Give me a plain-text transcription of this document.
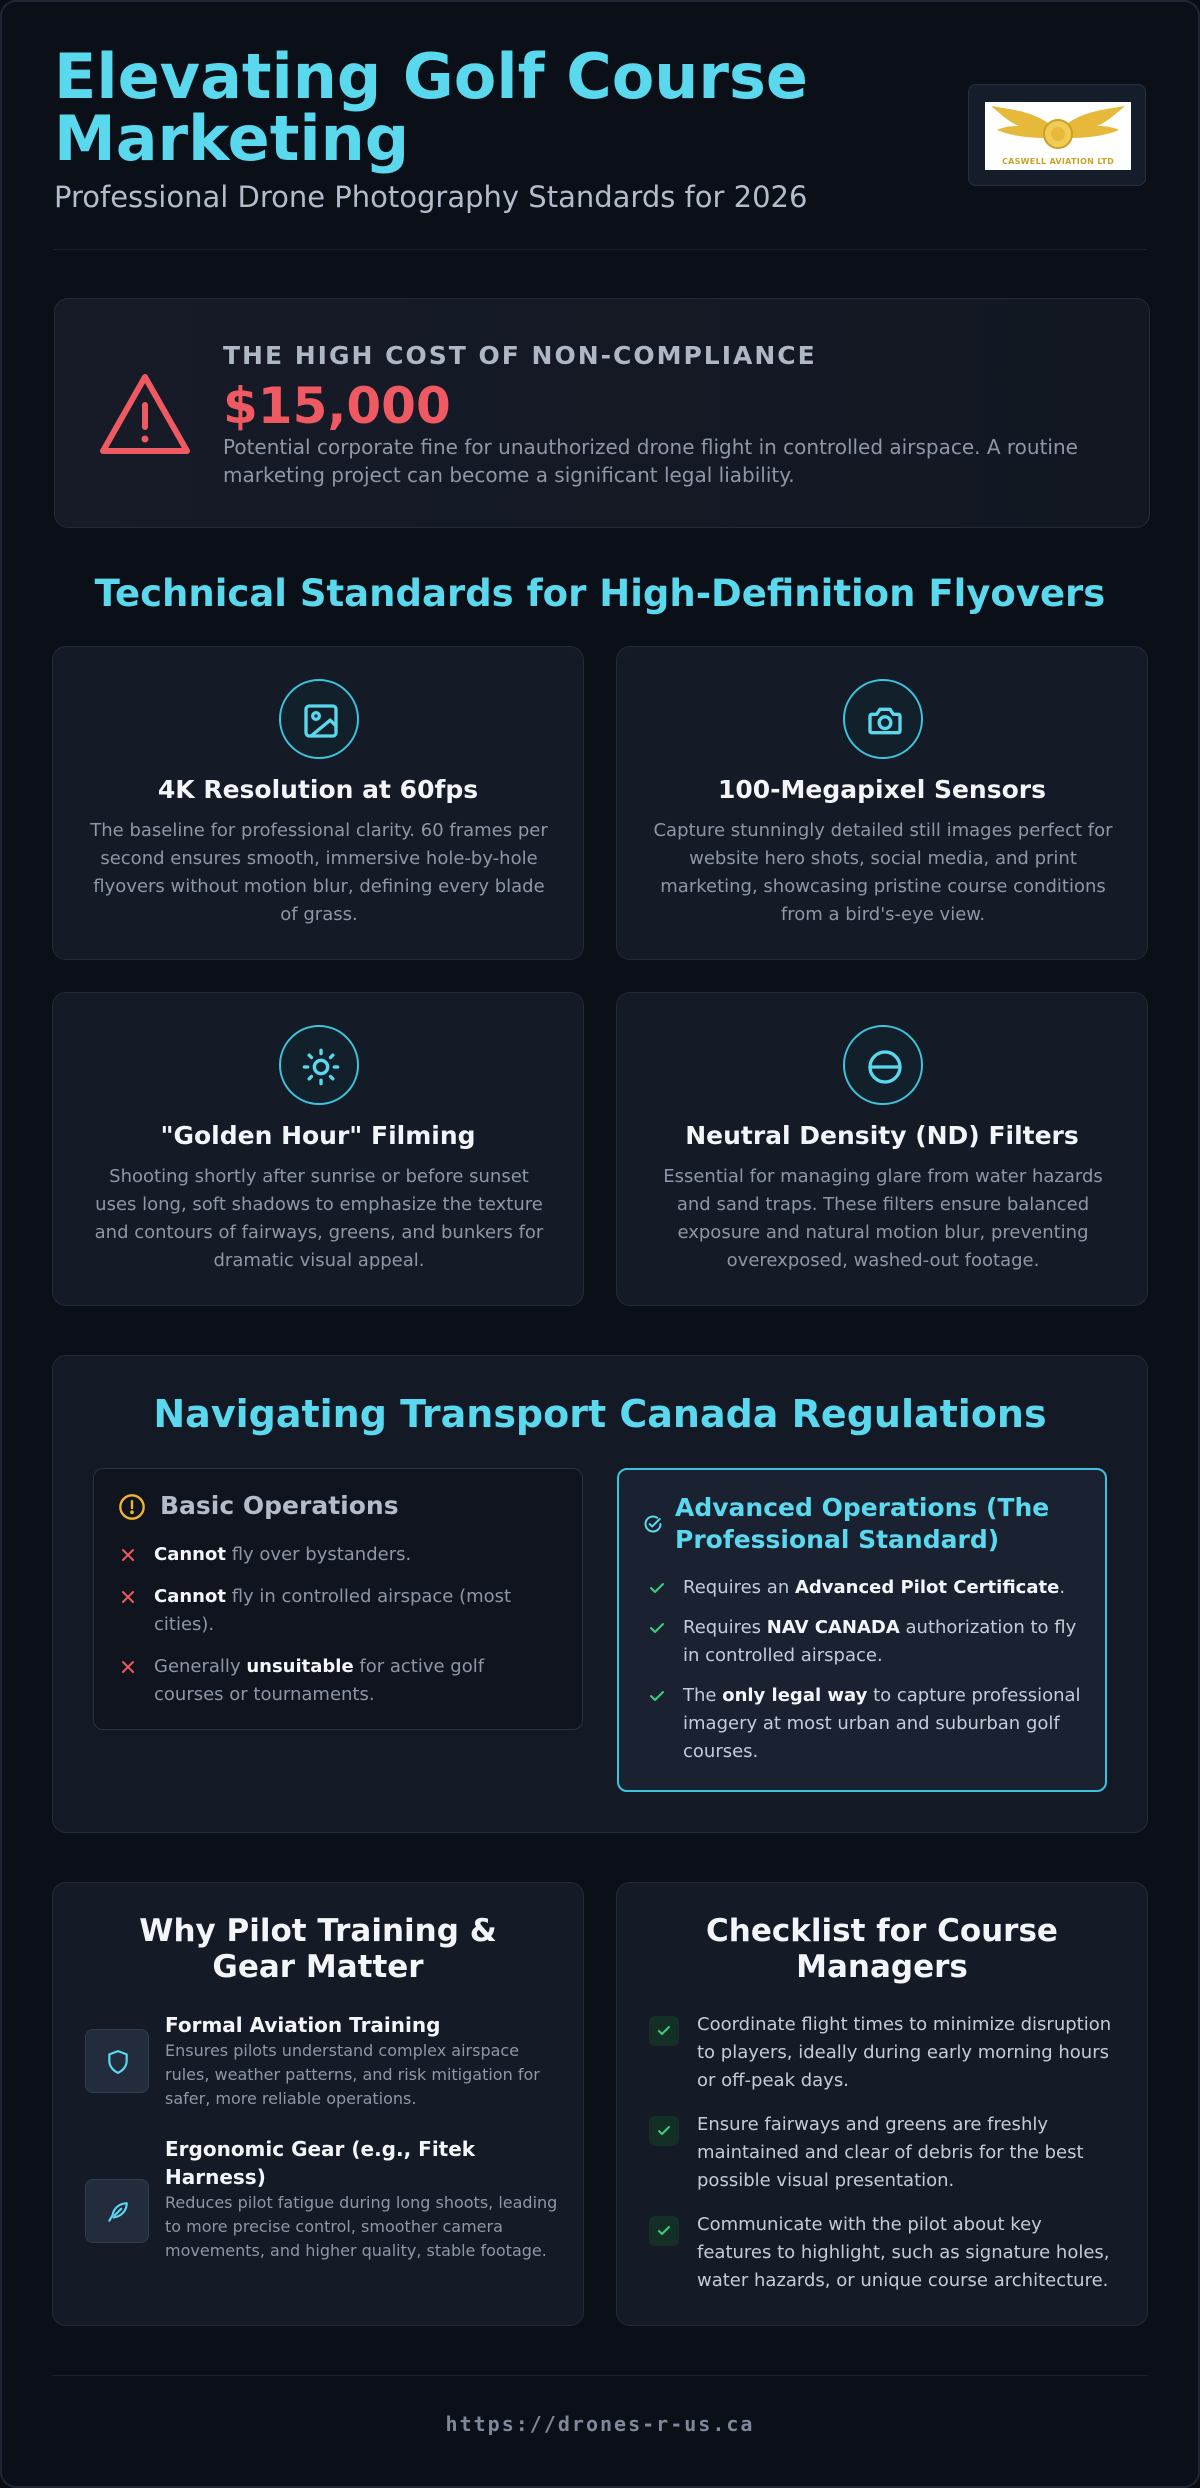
Elevating Golf Course Marketing
Professional Drone Photography Standards for 2026
CASWELL AVIATION LTD
THE HIGH COST OF NON-COMPLIANCE
$15,000
Potential corporate fine for unauthorized drone flight in controlled airspace. A routine marketing project can become a significant legal liability.
Technical Standards for High-Definition Flyovers
4K Resolution at 60fps
The baseline for professional clarity. 60 frames per second ensures smooth, immersive hole-by-hole flyovers without motion blur, defining every blade of grass.
100-Megapixel Sensors
Capture stunningly detailed still images perfect for website hero shots, social media, and print marketing, showcasing pristine course conditions from a bird's-eye view.
"Golden Hour" Filming
Shooting shortly after sunrise or before sunset uses long, soft shadows to emphasize the texture and contours of fairways, greens, and bunkers for dramatic visual appeal.
Neutral Density (ND) Filters
Essential for managing glare from water hazards and sand traps. These filters ensure balanced exposure and natural motion blur, preventing overexposed, washed-out footage.
Navigating Transport Canada Regulations
Basic Operations
Cannot fly over bystanders.
Cannot fly in controlled airspace (most cities).
Generally unsuitable for active golf courses or tournaments.
Advanced Operations (The Professional Standard)
Requires an Advanced Pilot Certificate.
Requires NAV CANADA authorization to fly in controlled airspace.
The only legal way to capture professional imagery at most urban and suburban golf courses.
Why Pilot Training & Gear Matter
Formal Aviation Training
Ensures pilots understand complex airspace rules, weather patterns, and risk mitigation for safer, more reliable operations.
Ergonomic Gear (e.g., Fitek Harness)
Reduces pilot fatigue during long shoots, leading to more precise control, smoother camera movements, and higher quality, stable footage.
Checklist for Course Managers
Coordinate flight times to minimize disruption to players, ideally during early morning hours or off-peak days.
Ensure fairways and greens are freshly maintained and clear of debris for the best possible visual presentation.
Communicate with the pilot about key features to highlight, such as signature holes, water hazards, or unique course architecture.
https://drones-r-us.ca
